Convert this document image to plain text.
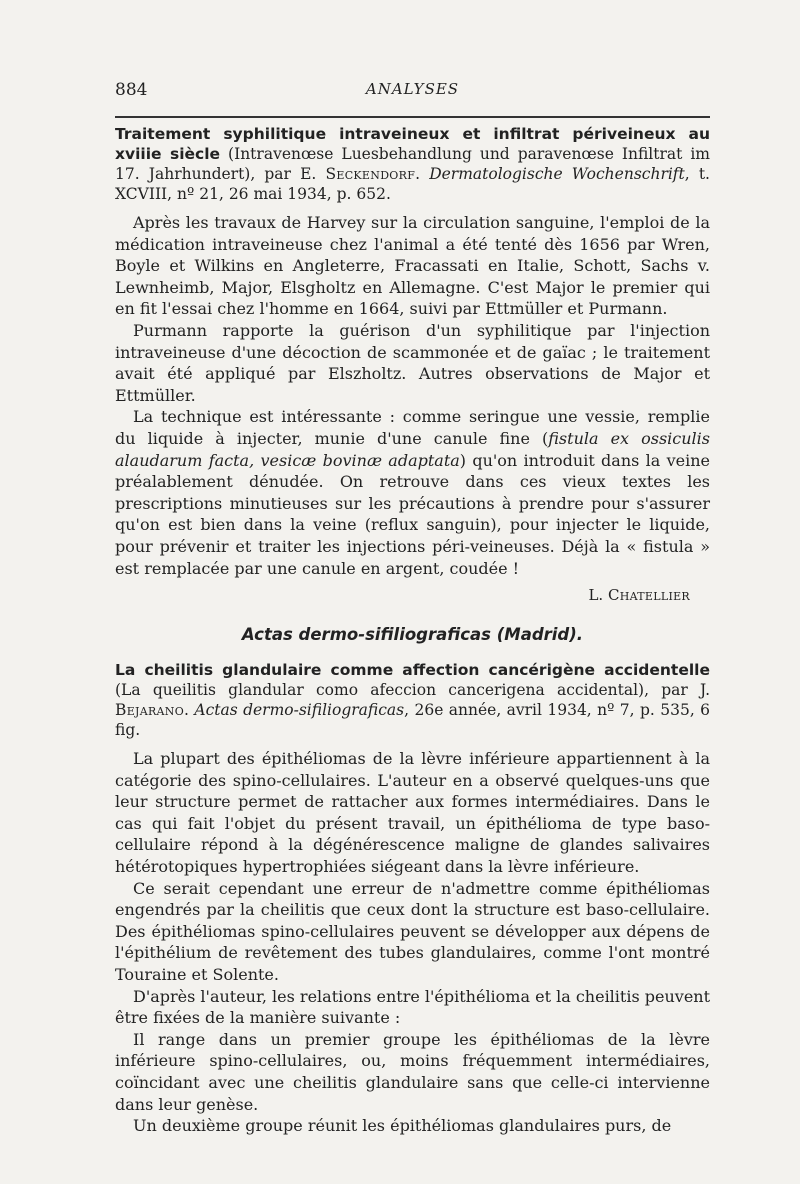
884	ANALYSES

Traitement syphilitique intraveineux et infiltrat périveineux au xviiie siècle (Intravenœse Luesbehandlung und paravenœse Infiltrat im 17. Jahrhundert), par E. Seckendorf. Dermatologische Wochenschrift, t. XCVIII, nº 21, 26 mai 1934, p. 652.

Après les travaux de Harvey sur la circulation sanguine, l'emploi de la médication intraveineuse chez l'animal a été tenté dès 1656 par Wren, Boyle et Wilkins en Angleterre, Fracassati en Italie, Schott, Sachs v. Lewnheimb, Major, Elsgholtz en Allemagne. C'est Major le premier qui en fit l'essai chez l'homme en 1664, suivi par Ettmüller et Purmann.

Purmann rapporte la guérison d'un syphilitique par l'injection intraveineuse d'une décoction de scammonée et de gaïac ; le traitement avait été appliqué par Elszholtz. Autres observations de Major et Ettmüller.

La technique est intéressante : comme seringue une vessie, remplie du liquide à injecter, munie d'une canule fine (fistula ex ossiculis alaudarum facta, vesicæ bovinæ adaptata) qu'on introduit dans la veine préalablement dénudée. On retrouve dans ces vieux textes les prescriptions minutieuses sur les précautions à prendre pour s'assurer qu'on est bien dans la veine (reflux sanguin), pour injecter le liquide, pour prévenir et traiter les injections péri-veineuses. Déjà la « fistula » est remplacée par une canule en argent, coudée !

L. Chatellier

Actas dermo-sifiliograficas (Madrid).

La cheilitis glandulaire comme affection cancérigène accidentelle (La queilitis glandular como afeccion cancerigena accidental), par J. Bejarano. Actas dermo-sifiliograficas, 26e année, avril 1934, nº 7, p. 535, 6 fig.

La plupart des épithéliomas de la lèvre inférieure appartiennent à la catégorie des spino-cellulaires. L'auteur en a observé quelques-uns que leur structure permet de rattacher aux formes intermédiaires. Dans le cas qui fait l'objet du présent travail, un épithélioma de type baso-cellulaire répond à la dégénérescence maligne de glandes salivaires hétérotopiques hypertrophiées siégeant dans la lèvre inférieure.

Ce serait cependant une erreur de n'admettre comme épithéliomas engendrés par la cheilitis que ceux dont la structure est baso-cellulaire. Des épithéliomas spino-cellulaires peuvent se développer aux dépens de l'épithélium de revêtement des tubes glandulaires, comme l'ont montré Touraine et Solente.

D'après l'auteur, les relations entre l'épithélioma et la cheilitis peuvent être fixées de la manière suivante :

Il range dans un premier groupe les épithéliomas de la lèvre inférieure spino-cellulaires, ou, moins fréquemment intermédiaires, coïncidant avec une cheilitis glandulaire sans que celle-ci intervienne dans leur genèse.

Un deuxième groupe réunit les épithéliomas glandulaires purs, de
